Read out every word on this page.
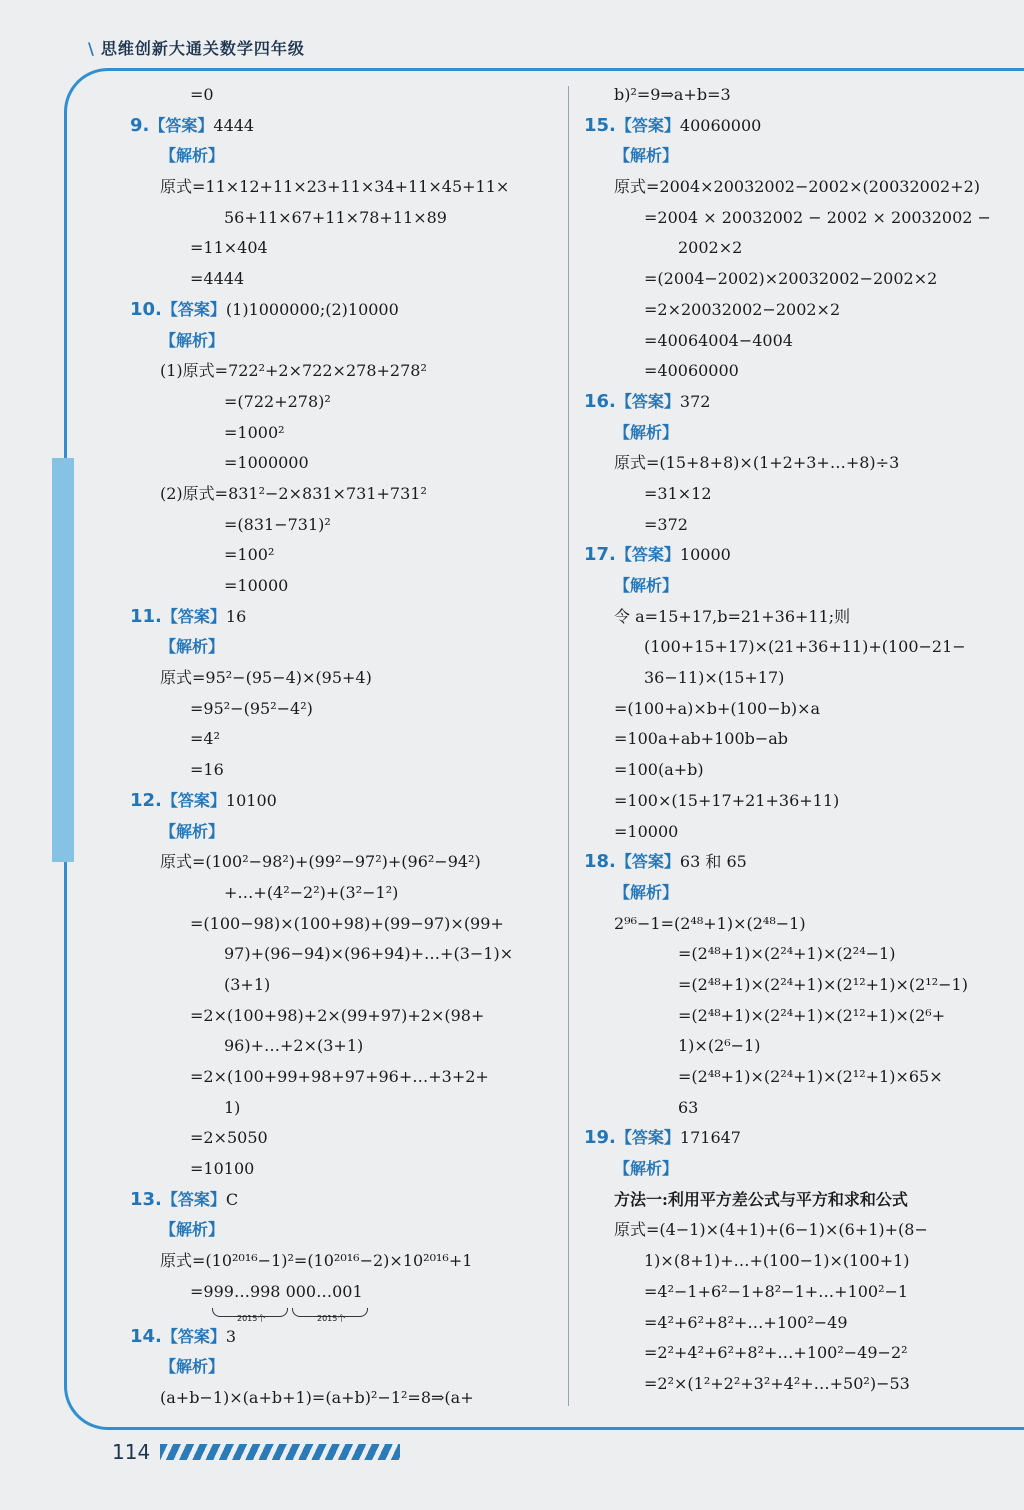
\ 思维创新大通关数学四年级
=0
9.【答案】4444
【解析】
原式=11×12+11×23+11×34+11×45+11×
56+11×67+11×78+11×89
=11×404
=4444
10.【答案】(1)1000000;(2)10000
【解析】
(1)原式=722²+2×722×278+278²
=(722+278)²
=1000²
=1000000
(2)原式=831²−2×831×731+731²
=(831−731)²
=100²
=10000
11.【答案】16
【解析】
原式=95²−(95−4)×(95+4)
=95²−(95²−4²)
=4²
=16
12.【答案】10100
【解析】
原式=(100²−98²)+(99²−97²)+(96²−94²)
+…+(4²−2²)+(3²−1²)
=(100−98)×(100+98)+(99−97)×(99+
97)+(96−94)×(96+94)+…+(3−1)×
(3+1)
=2×(100+98)+2×(99+97)+2×(98+
96)+…+2×(3+1)
=2×(100+99+98+97+96+…+3+2+
1)
=2×5050
=10100
13.【答案】C
【解析】
原式=(10²⁰¹⁶−1)²=(10²⁰¹⁶−2)×10²⁰¹⁶+1
=999…998 000…001
2015个	2015个
14.【答案】3
【解析】
(a+b−1)×(a+b+1)=(a+b)²−1²=8⇒(a+
b)²=9⇒a+b=3
15.【答案】40060000
【解析】
原式=2004×20032002−2002×(20032002+2)
=2004 × 20032002 − 2002 × 20032002 −
2002×2
=(2004−2002)×20032002−2002×2
=2×20032002−2002×2
=40064004−4004
=40060000
16.【答案】372
【解析】
原式=(15+8+8)×(1+2+3+…+8)÷3
=31×12
=372
17.【答案】10000
【解析】
令 a=15+17,b=21+36+11;则
(100+15+17)×(21+36+11)+(100−21−
36−11)×(15+17)
=(100+a)×b+(100−b)×a
=100a+ab+100b−ab
=100(a+b)
=100×(15+17+21+36+11)
=10000
18.【答案】63 和 65
【解析】
2⁹⁶−1=(2⁴⁸+1)×(2⁴⁸−1)
=(2⁴⁸+1)×(2²⁴+1)×(2²⁴−1)
=(2⁴⁸+1)×(2²⁴+1)×(2¹²+1)×(2¹²−1)
=(2⁴⁸+1)×(2²⁴+1)×(2¹²+1)×(2⁶+
1)×(2⁶−1)
=(2⁴⁸+1)×(2²⁴+1)×(2¹²+1)×65×
63
19.【答案】171647
【解析】
方法一:利用平方差公式与平方和求和公式
原式=(4−1)×(4+1)+(6−1)×(6+1)+(8−
1)×(8+1)+…+(100−1)×(100+1)
=4²−1+6²−1+8²−1+…+100²−1
=4²+6²+8²+…+100²−49
=2²+4²+6²+8²+…+100²−49−2²
=2²×(1²+2²+3²+4²+…+50²)−53
114
